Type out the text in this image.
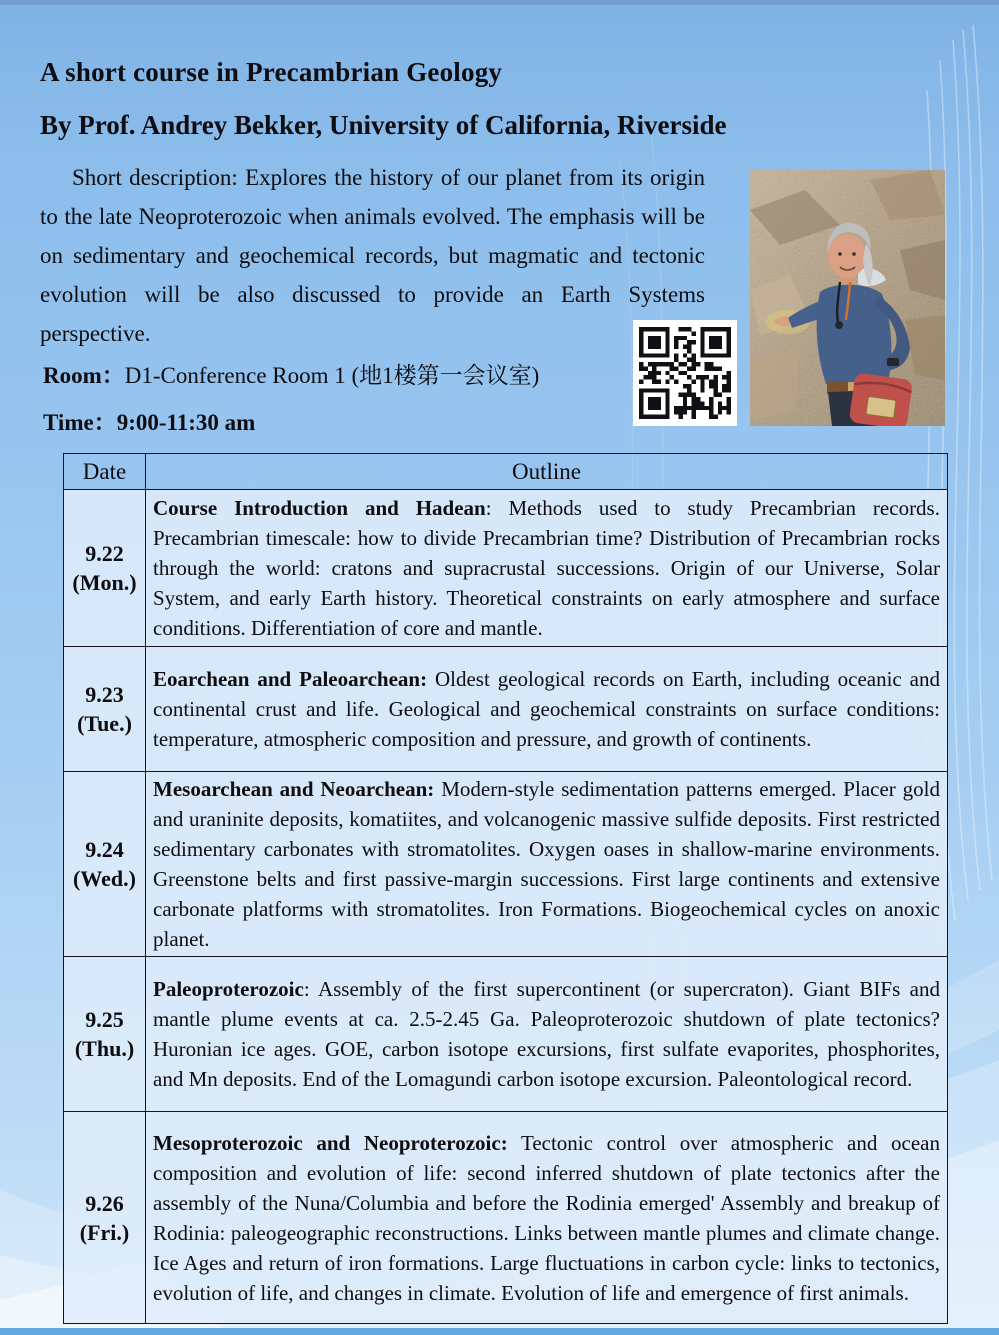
A short course in Precambrian Geology
By Prof. Andrey Bekker, University of California, Riverside
Short description: Explores the history of our planet from its origin to the late Neoproterozoic when animals evolved. The emphasis will be on sedimentary and geochemical records, but magmatic and tectonic evolution will be also discussed to provide an Earth Systems perspective.
Room：D1-Conference Room 1 (地1楼第一会议室)
Time：9:00-11:30 am
Date	Outline

9.22
(Mon.)	Course Introduction and Hadean: Methods used to study Precambrian records. Precambrian timescale: how to divide Precambrian time? Distribution of Precambrian rocks through the world: cratons and supracrustal successions. Origin of our Universe, Solar System, and early Earth history. Theoretical constraints on early atmosphere and surface conditions. Differentiation of core and mantle.

9.23
(Tue.)	Eoarchean and Paleoarchean: Oldest geological records on Earth, including oceanic and continental crust and life. Geological and geochemical constraints on surface conditions: temperature, atmospheric composition and pressure, and growth of continents.

9.24
(Wed.)	Mesoarchean and Neoarchean: Modern-style sedimentation patterns emerged. Placer gold and uraninite deposits, komatiites, and volcanogenic massive sulfide deposits. First restricted sedimentary carbonates with stromatolites. Oxygen oases in shallow-marine environments. Greenstone belts and first passive-margin successions. First large continents and extensive carbonate platforms with stromatolites. Iron Formations. Biogeochemical cycles on anoxic planet.

9.25
(Thu.)	Paleoproterozoic: Assembly of the first supercontinent (or supercraton). Giant BIFs and mantle plume events at ca. 2.5-2.45 Ga. Paleoproterozoic shutdown of plate tectonics? Huronian ice ages. GOE, carbon isotope excursions, first sulfate evaporites, phosphorites, and Mn deposits. End of the Lomagundi carbon isotope excursion. Paleontological record.

9.26
(Fri.)	Mesoproterozoic and Neoproterozoic: Tectonic control over atmospheric and ocean composition and evolution of life: second inferred shutdown of plate tectonics after the assembly of the Nuna/Columbia and before the Rodinia emerged' Assembly and breakup of Rodinia: paleogeographic reconstructions. Links between mantle plumes and climate change. Ice Ages and return of iron formations. Large fluctuations in carbon cycle: links to tectonics, evolution of life, and changes in climate. Evolution of life and emergence of first animals.
